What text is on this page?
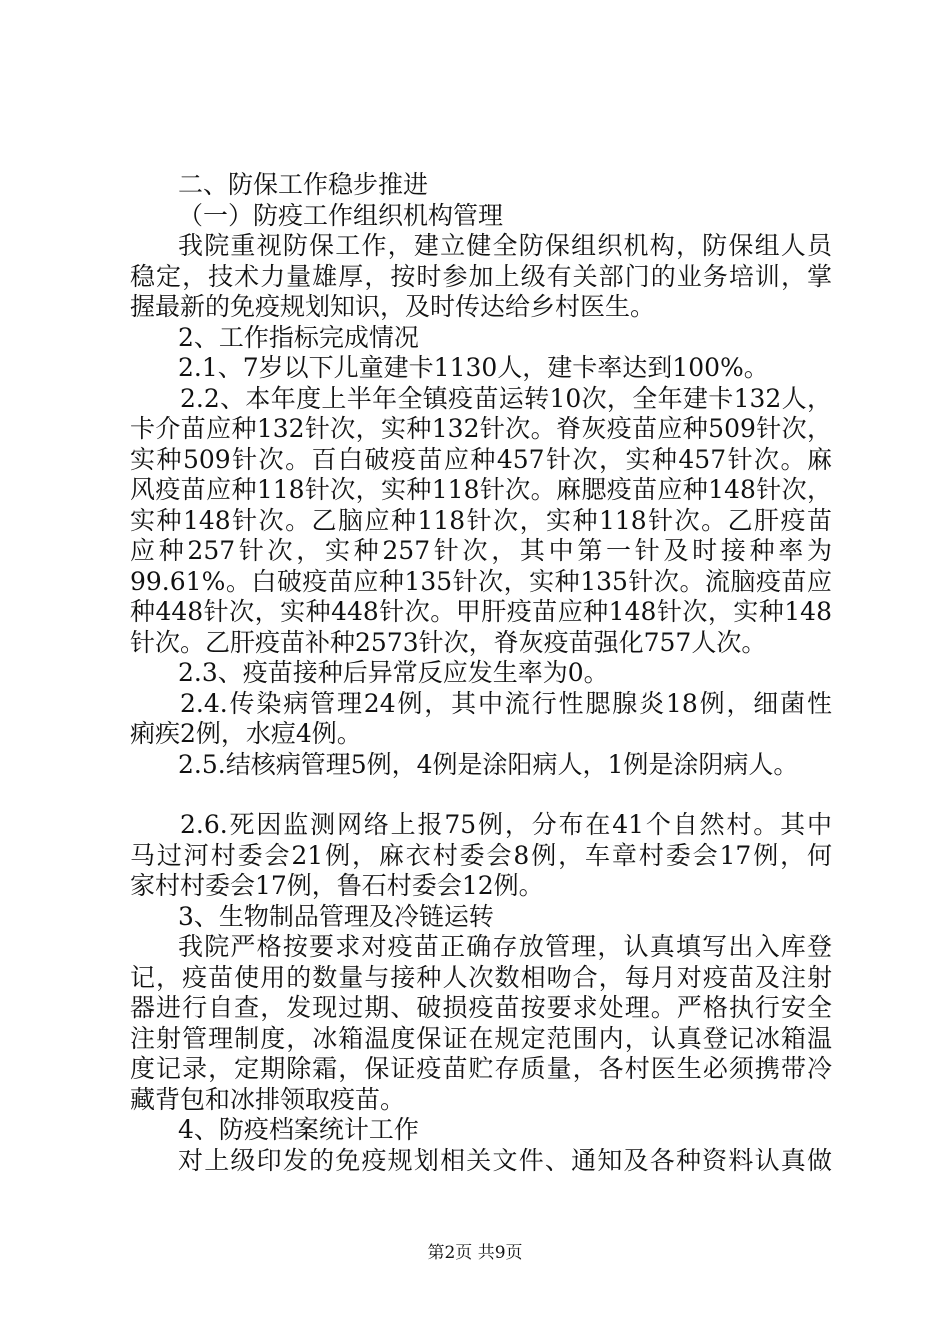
二、防保工作稳步推进
（一）防疫工作组织机构管理
我院重视防保工作，建立健全防保组织机构，防保组人员
稳定，技术力量雄厚，按时参加上级有关部门的业务培训，掌
握最新的免疫规划知识，及时传达给乡村医生。
2、工作指标完成情况
2.1、7岁以下儿童建卡1130人，建卡率达到100%。
2.2、本年度上半年全镇疫苗运转10次，全年建卡132人，
卡介苗应种132针次，实种132针次。脊灰疫苗应种509针次，
实种509针次。百白破疫苗应种457针次，实种457针次。麻
风疫苗应种118针次，实种118针次。麻腮疫苗应种148针次，
实种148针次。乙脑应种118针次，实种118针次。乙肝疫苗
应种257针次，实种257针次，其中第一针及时接种率为
99.61%。白破疫苗应种135针次，实种135针次。流脑疫苗应
种448针次，实种448针次。甲肝疫苗应种148针次，实种148
针次。乙肝疫苗补种2573针次，脊灰疫苗强化757人次。
2.3、疫苗接种后异常反应发生率为0。
2.4.传染病管理24例，其中流行性腮腺炎18例，细菌性
痢疾2例，水痘4例。
2.5.结核病管理5例，4例是涂阳病人，1例是涂阴病人。
2.6.死因监测网络上报75例，分布在41个自然村。其中
马过河村委会21例，麻衣村委会8例，车章村委会17例，何
家村村委会17例，鲁石村委会12例。
3、生物制品管理及冷链运转
我院严格按要求对疫苗正确存放管理，认真填写出入库登
记，疫苗使用的数量与接种人次数相吻合，每月对疫苗及注射
器进行自查，发现过期、破损疫苗按要求处理。严格执行安全
注射管理制度，冰箱温度保证在规定范围内，认真登记冰箱温
度记录，定期除霜，保证疫苗贮存质量，各村医生必须携带冷
藏背包和冰排领取疫苗。
4、防疫档案统计工作
对上级印发的免疫规划相关文件、通知及各种资料认真做
第2页 共9页
